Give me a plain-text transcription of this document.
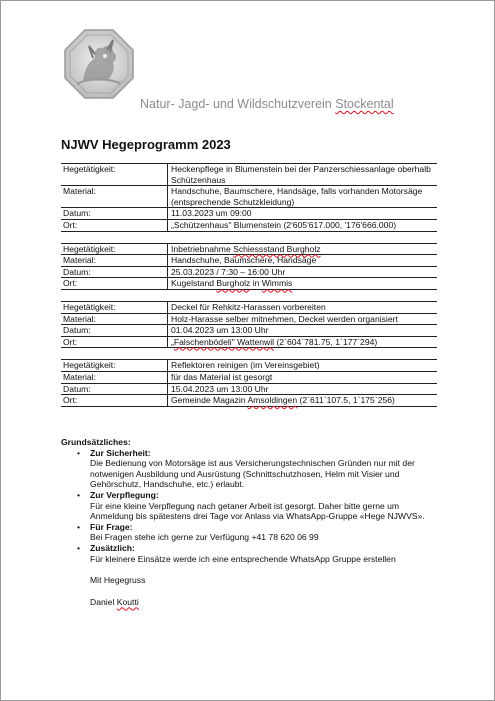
Natur- Jagd- und Wildschutzverein Stockental
NJWV Hegeprogramm 2023
Hegetätigkeit:	Heckenpflege in Blumenstein bei der Panzerschiessanlage oberhalb Schützenhaus
Material:	Handschuhe, Baumschere, Handsäge, falls vorhanden Motorsäge (entsprechende Schutzkleidung)
Datum:	11.03.2023 um 09:00
Ort:	„Schützenhaus" Blumenstein (2'605'617.000, '176'666.000)
Hegetätigkeit:	Inbetriebnahme Schiessstand Burgholz
Material:	Handschuhe, Baumschere, Handsäge
Datum:	25.03.2023 / 7:30 – 16:00 Uhr
Ort:	Kugelstand Burgholz in Wimmis
Hegetätigkeit:	Deckel für Rehkitz-Harassen vorbereiten
Material:	Holz-Harasse selber mitnehmen, Deckel werden organisiert
Datum:	01.04.2023 um 13:00 Uhr
Ort:	„Falschenbödeli" Wattenwil (2`604`781.75, 1`177`294)
Hegetätigkeit:	Reflektoren reinigen (im Vereinsgebiet)
Material:	für das Material ist gesorgt
Datum:	15.04.2023 um 13:00 Uhr
Ort:	Gemeinde Magazin Amsoldingen (2`611`107.5, 1`175`256)
Grundsätzliches:
• Zur Sicherheit:
Die Bedienung von Motorsäge ist aus Versicherungstechnischen Gründen nur mit der notwenigen Ausbildung und Ausrüstung (Schnittschutzhosen, Helm mit Visier und Gehörschutz, Handschuhe, etc.) erlaubt.
• Zur Verpflegung:
Für eine kleine Verpflegung nach getaner Arbeit ist gesorgt. Daher bitte gerne um Anmeldung bis spätestens drei Tage vor Anlass via WhatsApp-Gruppe «Hege NJWVS».
• Für Frage:
Bei Fragen stehe ich gerne zur Verfügung +41 78 620 06 99
• Zusätzlich:
Für kleinere Einsätze werde ich eine entsprechende WhatsApp Gruppe erstellen

Mit Hegegruss

Daniel Koutti
